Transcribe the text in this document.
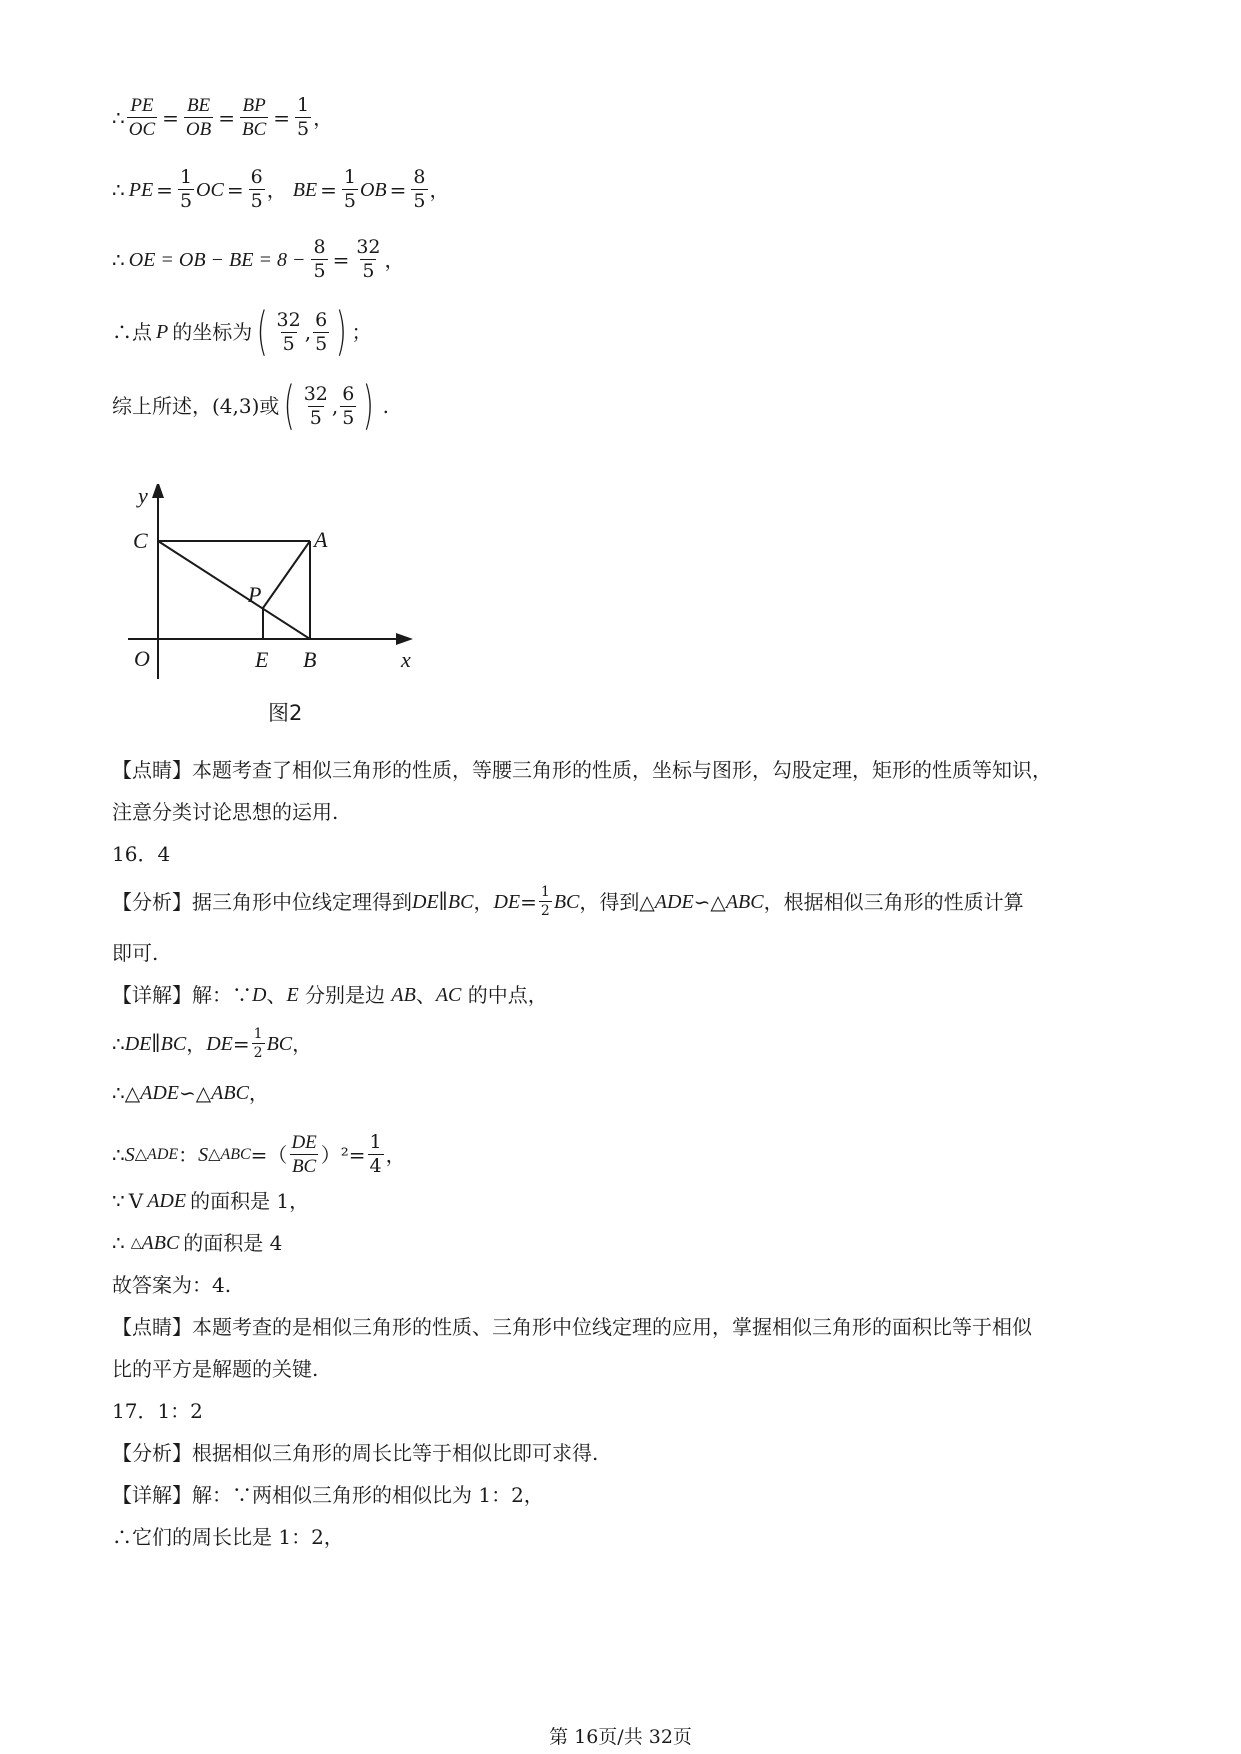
∴ $\frac{PE}{OC} = \frac{BE}{OB} = \frac{BP}{BC} = \frac{1}{5}$ ，
∴ PE = $\frac{1}{5}$ OC = $\frac{6}{5}$ ， BE = $\frac{1}{5}$ OB = $\frac{8}{5}$ ，
∴ OE = OB − BE = $8 - \frac{8}{5} = \frac{32}{5}$ ，
∴点 P 的坐标为 ( $\frac{32}{5}$ , $\frac{6}{5}$ ) ；
综上所述， (4,3) 或 ( $\frac{32}{5}$ , $\frac{6}{5}$ ) .
y
x
O
C	A
P
E B
图2
【点睛】本题考查了相似三角形的性质，等腰三角形的性质，坐标与图形，勾股定理，矩形的性质等知识，
注意分类讨论思想的运用.
16．4
【分析】据三角形中位线定理得到 DE∥BC ， DE = $\frac{1}{2}$ BC ，得到△ ADE ∽△ ABC ，根据相似三角形的性质计算
即可.
【详解】解：∵ D 、 E 分别是边 AB 、 AC 的中点，
∴ DE∥BC ， DE = $\frac{1}{2}$ BC ，
∴△ ADE ∽△ ABC ，
∴ S △ADE ： S △ABC =（ $\frac{DE}{BC} )^2= \frac{1}{4}$ ，
∵ V ADE 的面积是 1，
∴ △ ABC 的面积是 4
故答案为：4.
【点睛】本题考查的是相似三角形的性质、三角形中位线定理的应用，掌握相似三角形的面积比等于相似
比的平方是解题的关键.
17．1：2
【分析】根据相似三角形的周长比等于相似比即可求得.
【详解】解：∵两相似三角形的相似比为 1：2，
∴它们的周长比是 1：2，
第 16页/共 32页
